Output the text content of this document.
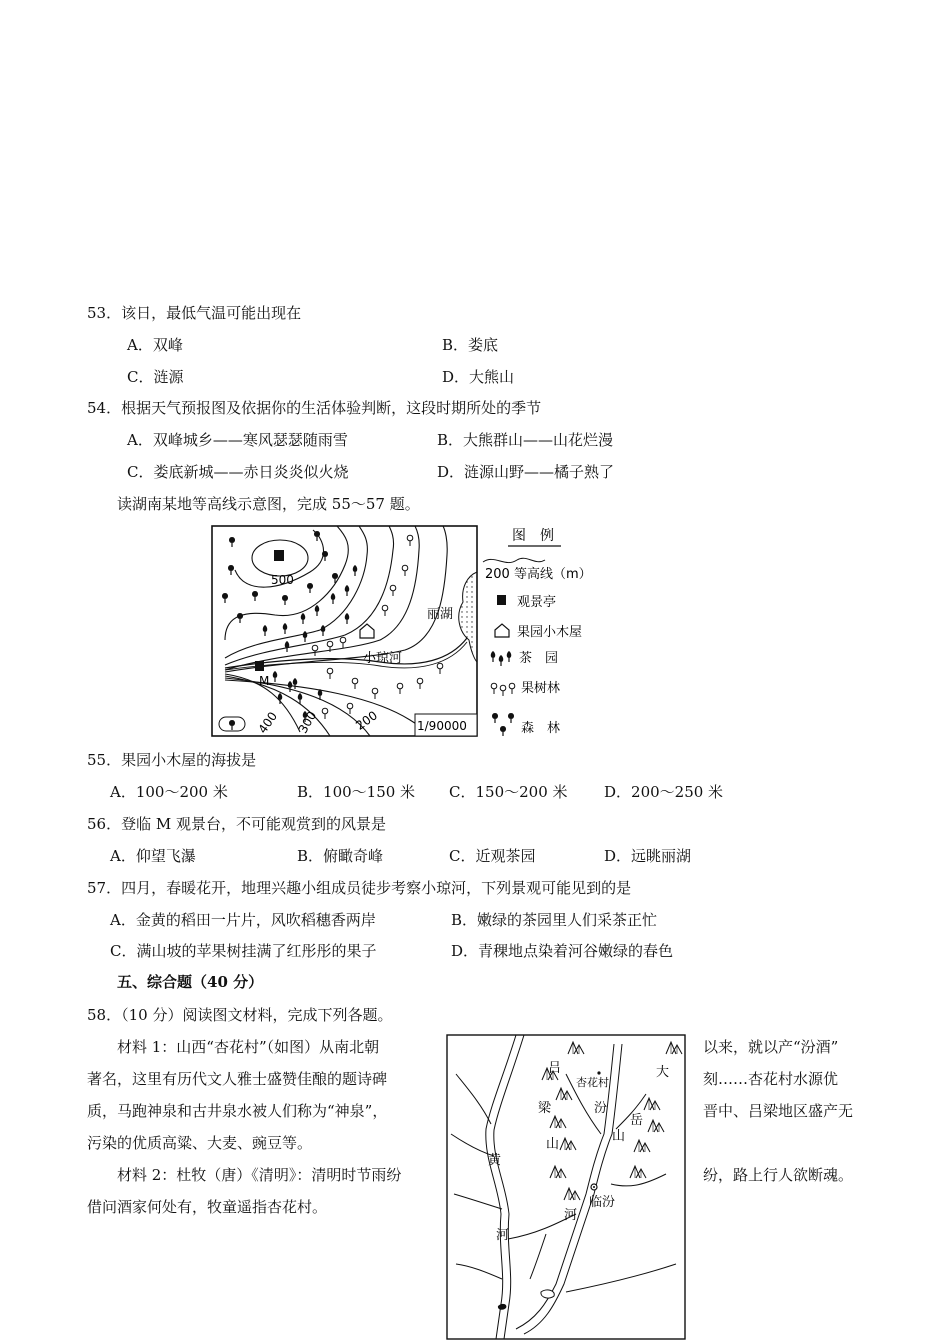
53．该日，最低气温可能出现在
A．双峰	B．娄底
C．涟源	D．大熊山
54．根据天气预报图及依据你的生活体验判断，这段时期所处的季节
A．双峰城乡——寒风瑟瑟随雨雪	B．大熊群山——山花烂漫
C．娄底新城——赤日炎炎似火烧	D．涟源山野——橘子熟了
读湖南某地等高线示意图，完成 55～57 题。
1/90000
500
400 300	200
M
丽湖
小琼河
图　例
200 等高线（m）
观景亭
果园小木屋
茶　园
果树林
森　林
55．果园小木屋的海拔是
A．100～200 米	B．100～150 米 C．150～200 米 D．200～250 米
56．登临 M 观景台，不可能观赏到的风景是
A．仰望飞瀑	B．俯瞰奇峰	C．近观茶园	D．远眺丽湖
57．四月，春暖花开，地理兴趣小组成员徒步考察小琼河，下列景观可能见到的是
A．金黄的稻田一片片，风吹稻穗香两岸	B．嫩绿的茶园里人们采茶正忙
C．满山坡的苹果树挂满了红彤彤的果子	D．青稞地点染着河谷嫩绿的春色
五、综合题（40 分）
58．（10 分）阅读图文材料，完成下列各题。
材料 1：山西“杏花村”（如图）从南北朝	以来，就以产“汾酒”
著名，这里有历代文人雅士盛赞佳酿的题诗碑	刻……杏花村水源优
质，马跑神泉和古井泉水被人们称为“神泉”，	晋中、吕梁地区盛产无
污染的优质高粱、大麦、豌豆等。
材料 2：杜牧（唐）《清明》：清明时节雨纷	纷，路上行人欲断魂。
借问酒家何处有，牧童遥指杏花村。
吕
梁
山
杏花村
大
岳
山
汾
河
黄
河
临汾
